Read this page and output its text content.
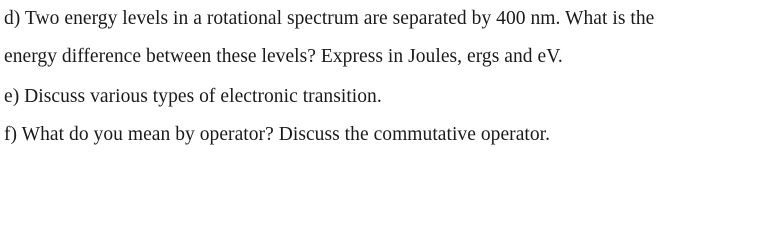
d) Two energy levels in a rotational spectrum are separated by 400 nm. What is the
energy difference between these levels? Express in Joules, ergs and eV.
e) Discuss various types of electronic transition.
f) What do you mean by operator? Discuss the commutative operator.
